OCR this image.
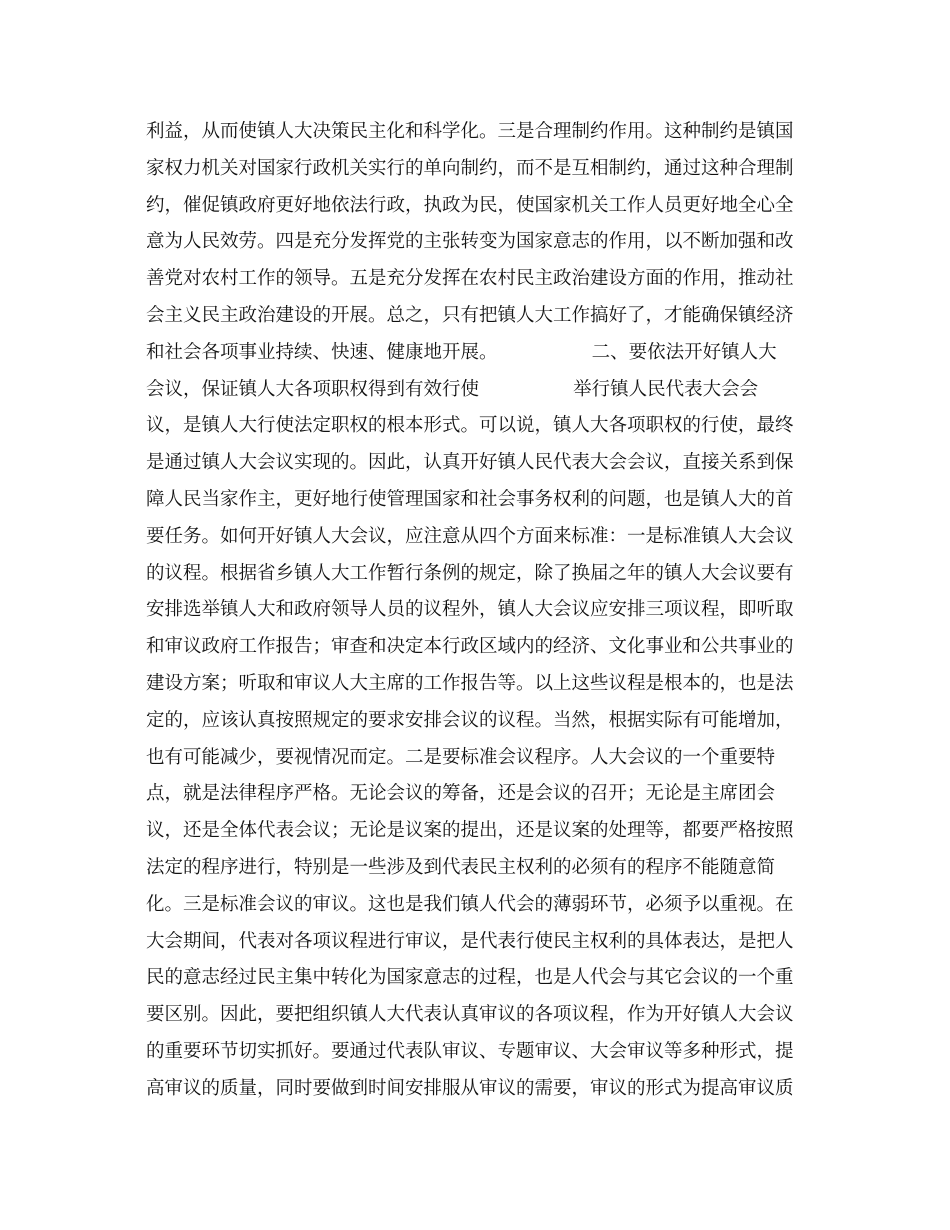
利益，从而使镇人大决策民主化和科学化。三是合理制约作用。这种制约是镇国
家权力机关对国家行政机关实行的单向制约，而不是互相制约，通过这种合理制
约，催促镇政府更好地依法行政，执政为民，使国家机关工作人员更好地全心全
意为人民效劳。四是充分发挥党的主张转变为国家意志的作用，以不断加强和改
善党对农村工作的领导。五是充分发挥在农村民主政治建设方面的作用，推动社
会主义民主政治建设的开展。总之，只有把镇人大工作搞好了，才能确保镇经济
和社会各项事业持续、快速、健康地开展。                二、要依法开好镇人大
会议，保证镇人大各项职权得到有效行使                举行镇人民代表大会会
议，是镇人大行使法定职权的根本形式。可以说，镇人大各项职权的行使，最终
是通过镇人大会议实现的。因此，认真开好镇人民代表大会会议，直接关系到保
障人民当家作主，更好地行使管理国家和社会事务权利的问题，也是镇人大的首
要任务。如何开好镇人大会议，应注意从四个方面来标准：一是标准镇人大会议
的议程。根据省乡镇人大工作暂行条例的规定，除了换届之年的镇人大会议要有
安排选举镇人大和政府领导人员的议程外，镇人大会议应安排三项议程，即听取
和审议政府工作报告；审查和决定本行政区域内的经济、文化事业和公共事业的
建设方案；听取和审议人大主席的工作报告等。以上这些议程是根本的，也是法
定的，应该认真按照规定的要求安排会议的议程。当然，根据实际有可能增加，
也有可能减少，要视情况而定。二是要标准会议程序。人大会议的一个重要特
点，就是法律程序严格。无论会议的筹备，还是会议的召开；无论是主席团会
议，还是全体代表会议；无论是议案的提出，还是议案的处理等，都要严格按照
法定的程序进行，特别是一些涉及到代表民主权利的必须有的程序不能随意简
化。三是标准会议的审议。这也是我们镇人代会的薄弱环节，必须予以重视。在
大会期间，代表对各项议程进行审议，是代表行使民主权利的具体表达，是把人
民的意志经过民主集中转化为国家意志的过程，也是人代会与其它会议的一个重
要区别。因此，要把组织镇人大代表认真审议的各项议程，作为开好镇人大会议
的重要环节切实抓好。要通过代表队审议、专题审议、大会审议等多种形式，提
高审议的质量，同时要做到时间安排服从审议的需要，审议的形式为提高审议质
